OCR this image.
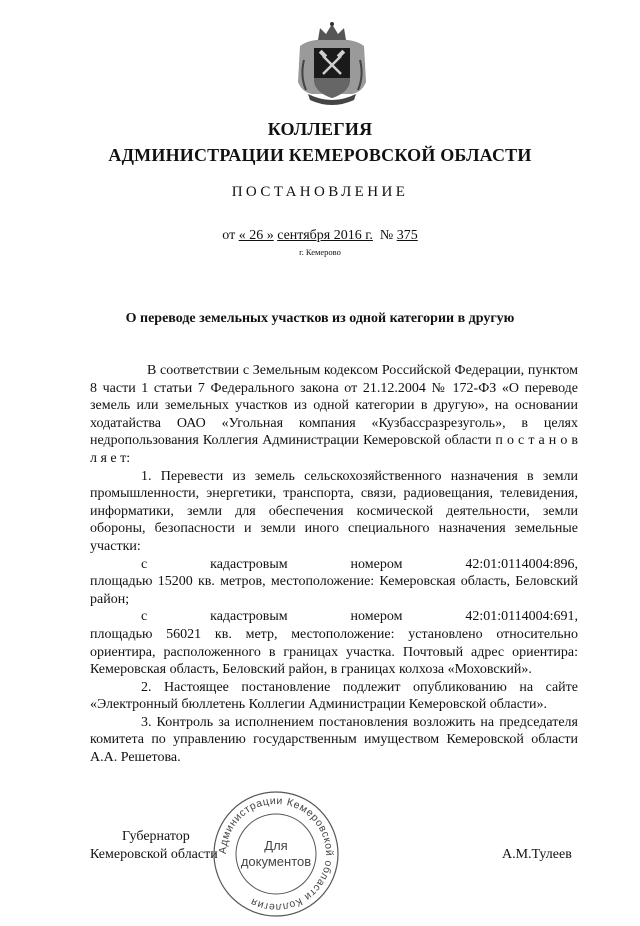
КОЛЛЕГИЯ
АДМИНИСТРАЦИИ КЕМЕРОВСКОЙ ОБЛАСТИ
ПОСТАНОВЛЕНИЕ
от « 26 » сентября 2016 г. № 375
г. Кемерово
О переводе земельных участков из одной категории в другую

В соответствии с Земельным кодексом Российской Федерации, пунктом 8 части 1 статьи 7 Федерального закона от 21.12.2004 № 172-ФЗ «О переводе земель или земельных участков из одной категории в другую», на основании ходатайства ОАО «Угольная компания «Кузбассразрезуголь», в целях недропользования Коллегия Администрации Кемеровской области п о с т а н о в л я е т:

1. Перевести из земель сельскохозяйственного назначения в земли промышленности, энергетики, транспорта, связи, радиовещания, телевидения, информатики, земли для обеспечения космической деятельности, земли обороны, безопасности и земли иного специального назначения земельные участки:

с	кадастровым	номером	42:01:0114004:896,

площадью 15200 кв. метров, местоположение: Кемеровская область, Беловский район;

с	кадастровым	номером	42:01:0114004:691,

площадью 56021 кв. метр, местоположение: установлено относительно ориентира, расположенного в границах участка. Почтовый адрес ориентира: Кемеровская область, Беловский район, в границах колхоза «Моховский».

2. Настоящее постановление подлежит опубликованию на сайте «Электронный бюллетень Коллегии Администрации Кемеровской области».

3. Контроль за исполнением постановления возложить на председателя комитета по управлению государственным имуществом Кемеровской области А.А. Решетова.

Губернатор
Кемеровской области	А.М.Тулеев
Администрации Кемеровской области Коллегия
Для
документов
